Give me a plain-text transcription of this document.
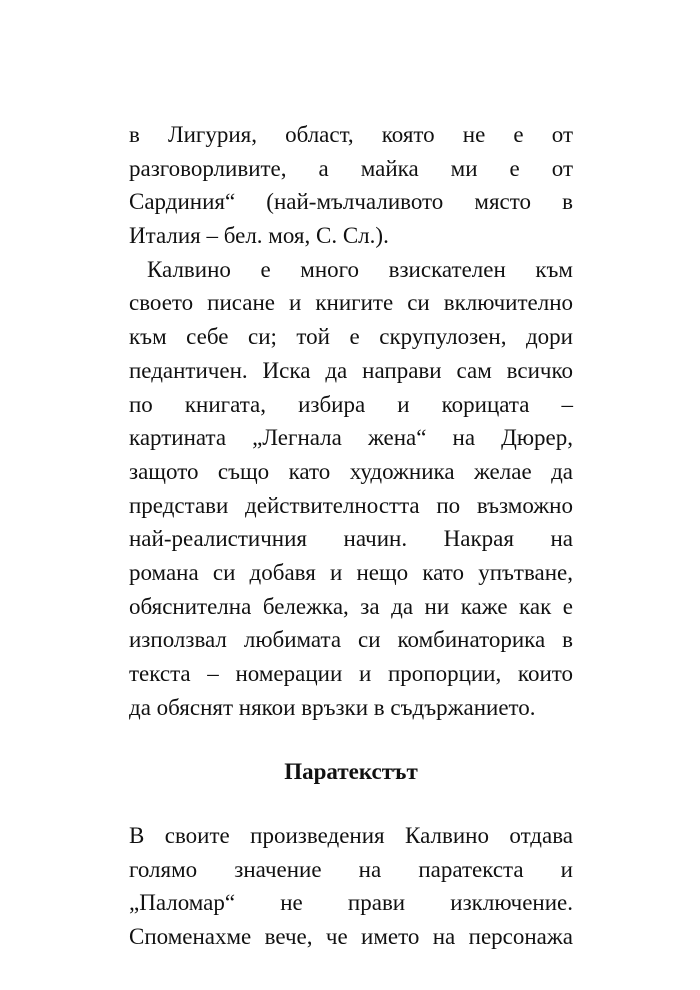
в Лигурия, област, която не е от
разговорливите, а майка ми е от
Сардиния“ (най-мълчаливото място в
Италия – бел. моя, С. Сл.).
Калвино е много взискателен към
своето писане и книгите си включително
към себе си; той е скрупулозен, дори
педантичен. Иска да направи сам всичко
по книгата, избира и корицата –
картината „Легнала жена“ на Дюрер,
защото също като художника желае да
представи действителността по възможно
най-реалистичния начин. Накрая на
романа си добавя и нещо като упътване,
обяснителна бележка, за да ни каже как е
използвал любимата си комбинаторика в
текста – номерации и пропорции, които
да обяснят някои връзки в съдържанието.
Паратекстът
В своите произведения Калвино отдава
голямо значение на паратекста и
„Паломар“ не прави изключение.
Споменахме вече, че името на персонажа
